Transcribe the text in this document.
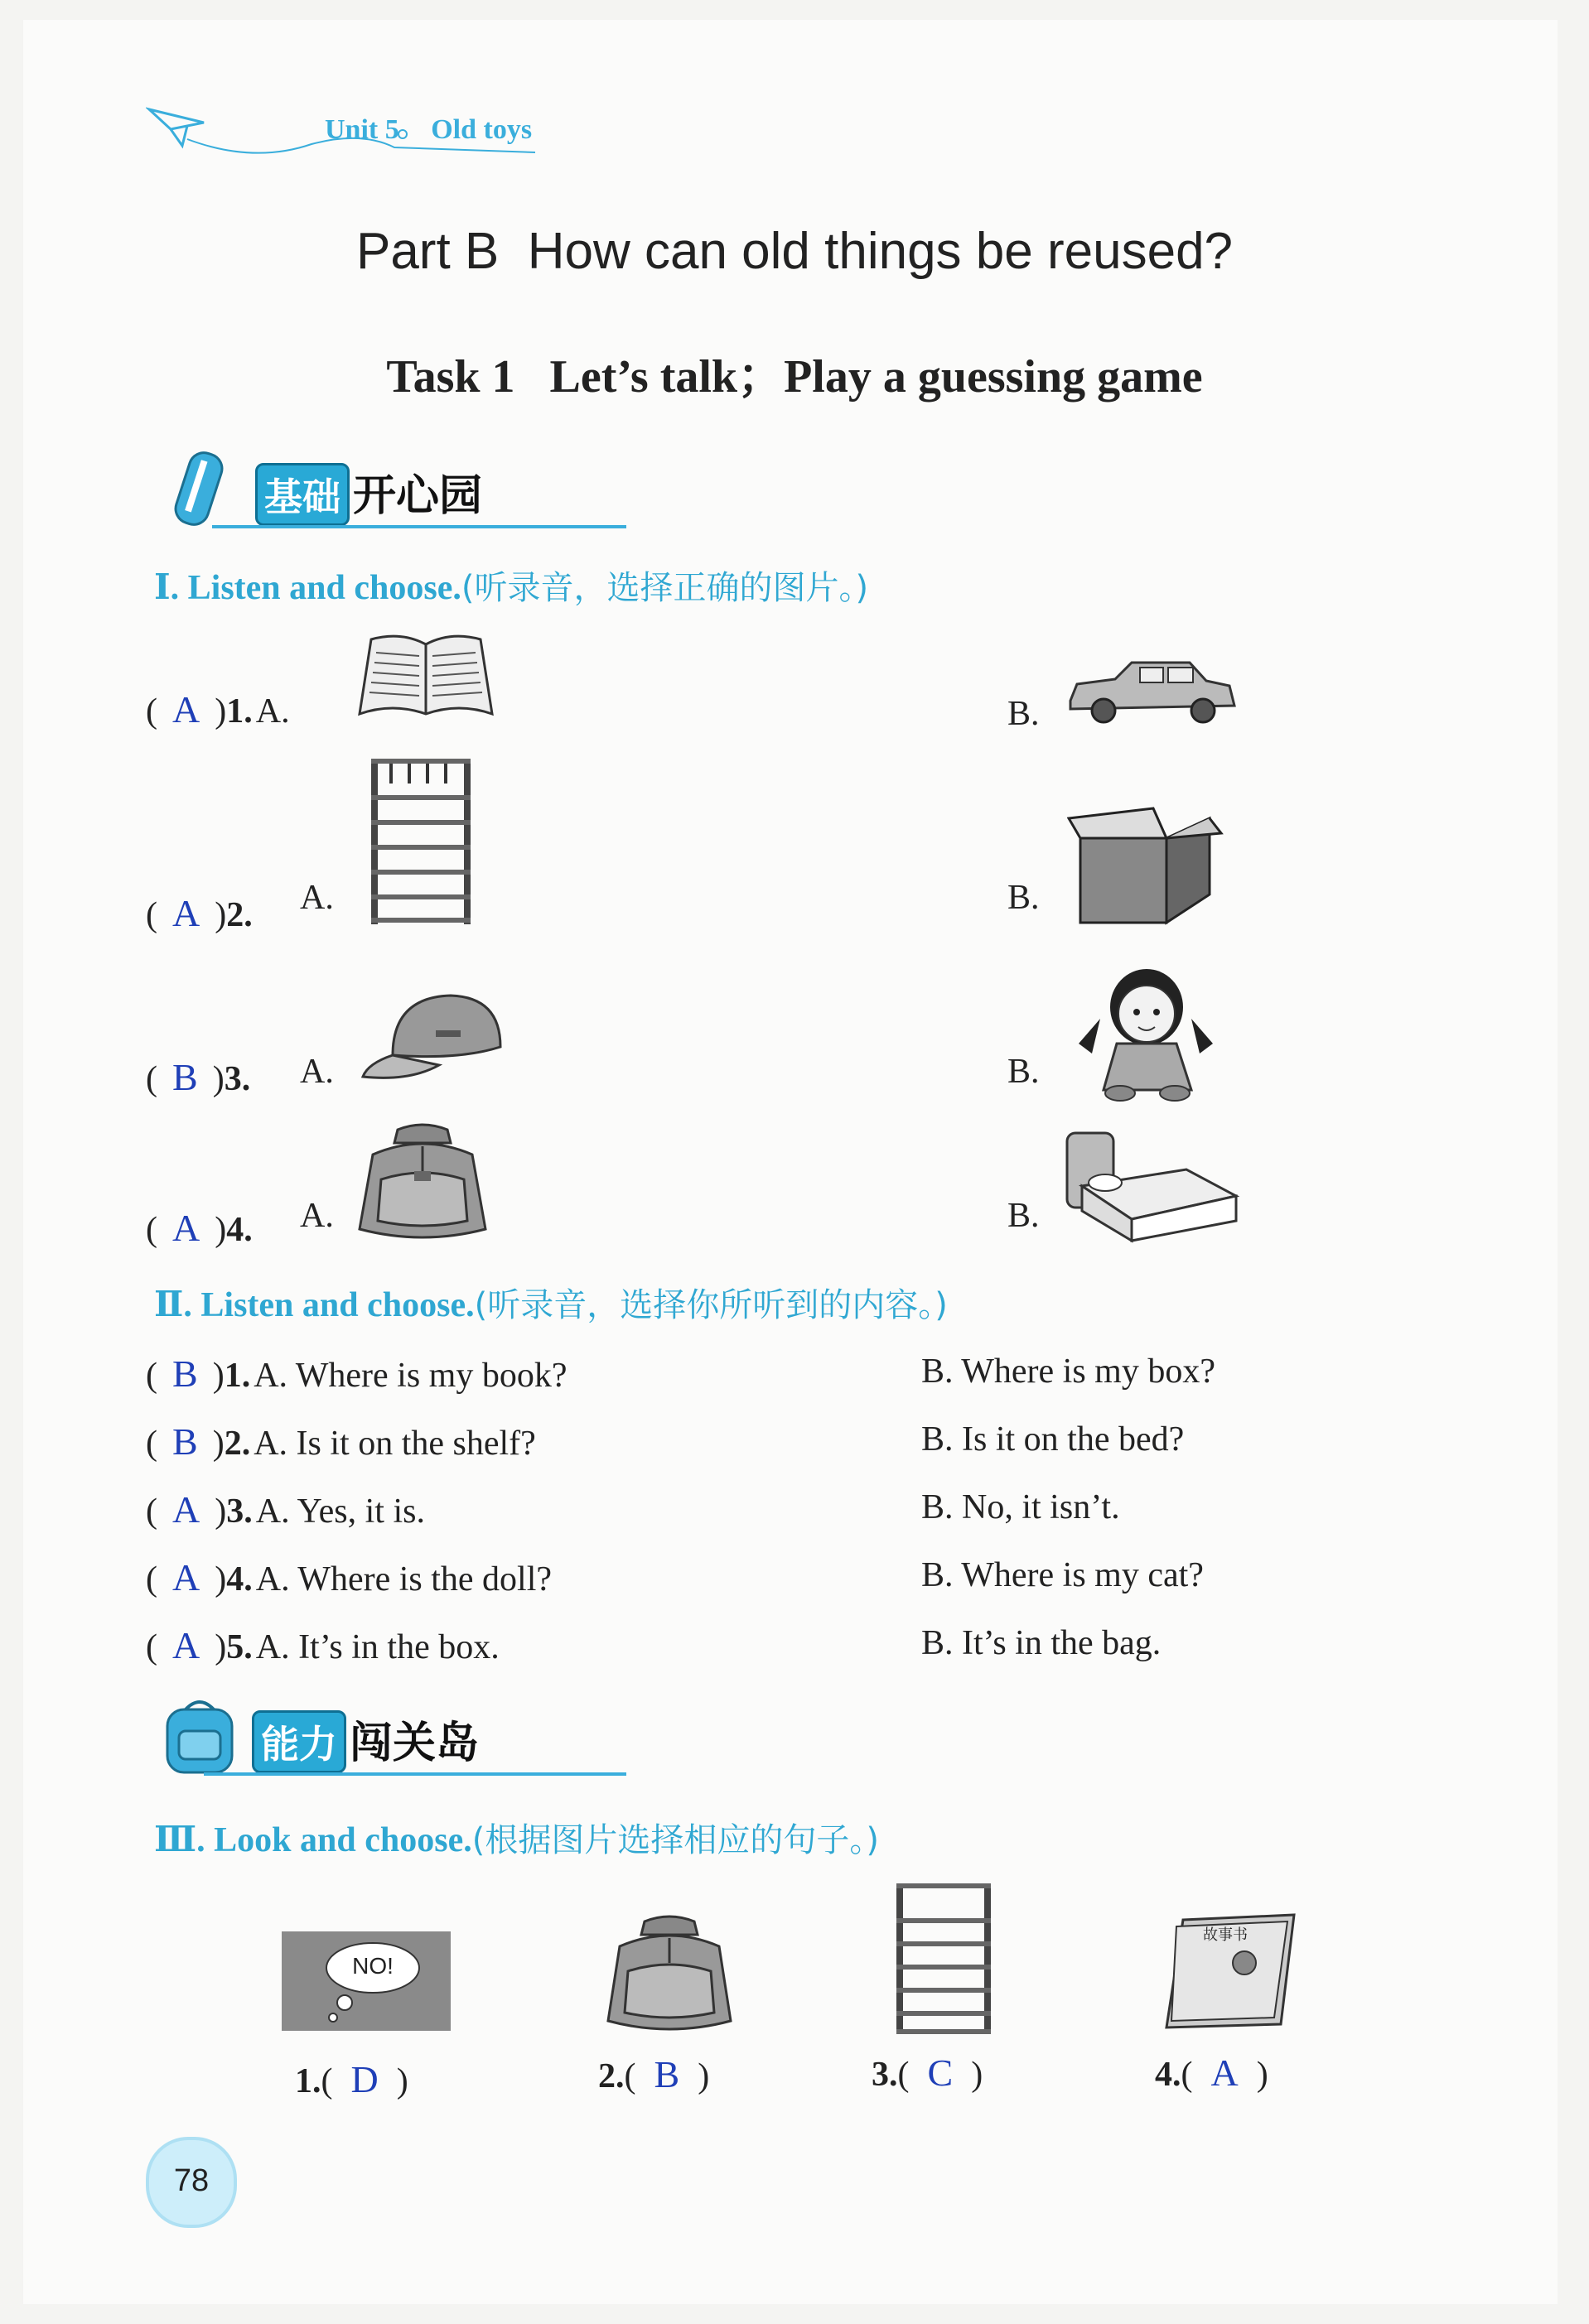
Unit 5 Old toys
Part B  How can old things be reused?
Task 1   Let’s talk；Play a guessing game
基础 开心园
Ⅰ. Listen and choose.(听录音，选择正确的图片。)
( A )1. A.	B.
( A )2. A.	B.
( B )3. A.	B.
( A )4. A.	B.
Ⅱ. Listen and choose.(听录音，选择你所听到的内容。)
( B )1. A. Where is my book?	B. Where is my box?
( B )2. A. Is it on the shelf?	B. Is it on the bed?
( A )3. A. Yes, it is.	B. No, it isn’t.
( A )4. A. Where is the doll?	B. Where is my cat?
( A )5. A. It’s in the box.	B. It’s in the bag.
能力 闯关岛
Ⅲ. Look and choose.(根据图片选择相应的句子。)
NO!
故事书
1.( D )	2.( B )	3.( C )	4.( A )
78
